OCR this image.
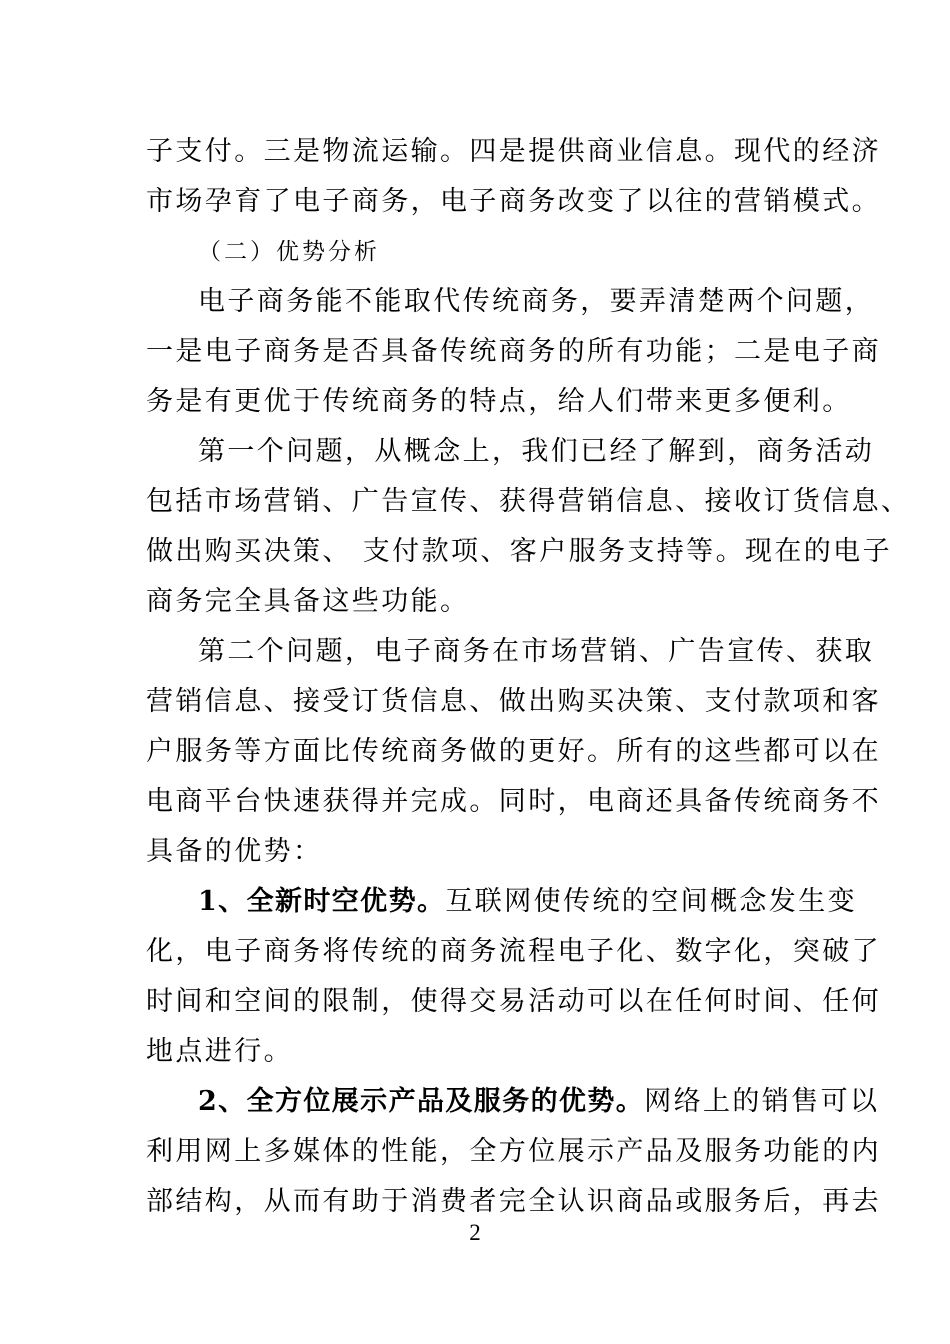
子支付。三是物流运输。四是提供商业信息。现代的经济
市场孕育了电子商务，电子商务改变了以往的营销模式。
（二）优势分析
电子商务能不能取代传统商务，要弄清楚两个问题，
一是电子商务是否具备传统商务的所有功能；二是电子商
务是有更优于传统商务的特点，给人们带来更多便利。
第一个问题，从概念上，我们已经了解到，商务活动
包括市场营销、广告宣传、获得营销信息、接收订货信息、
做出购买决策、 支付款项、客户服务支持等。现在的电子
商务完全具备这些功能。
第二个问题，电子商务在市场营销、广告宣传、获取
营销信息、接受订货信息、做出购买决策、支付款项和客
户服务等方面比传统商务做的更好。所有的这些都可以在
电商平台快速获得并完成。同时，电商还具备传统商务不
具备的优势：
1、全新时空优势。互联网使传统的空间概念发生变
化，电子商务将传统的商务流程电子化、数字化，突破了
时间和空间的限制，使得交易活动可以在任何时间、任何
地点进行。
2、全方位展示产品及服务的优势。网络上的销售可以
利用网上多媒体的性能，全方位展示产品及服务功能的内
部结构，从而有助于消费者完全认识商品或服务后，再去
2
